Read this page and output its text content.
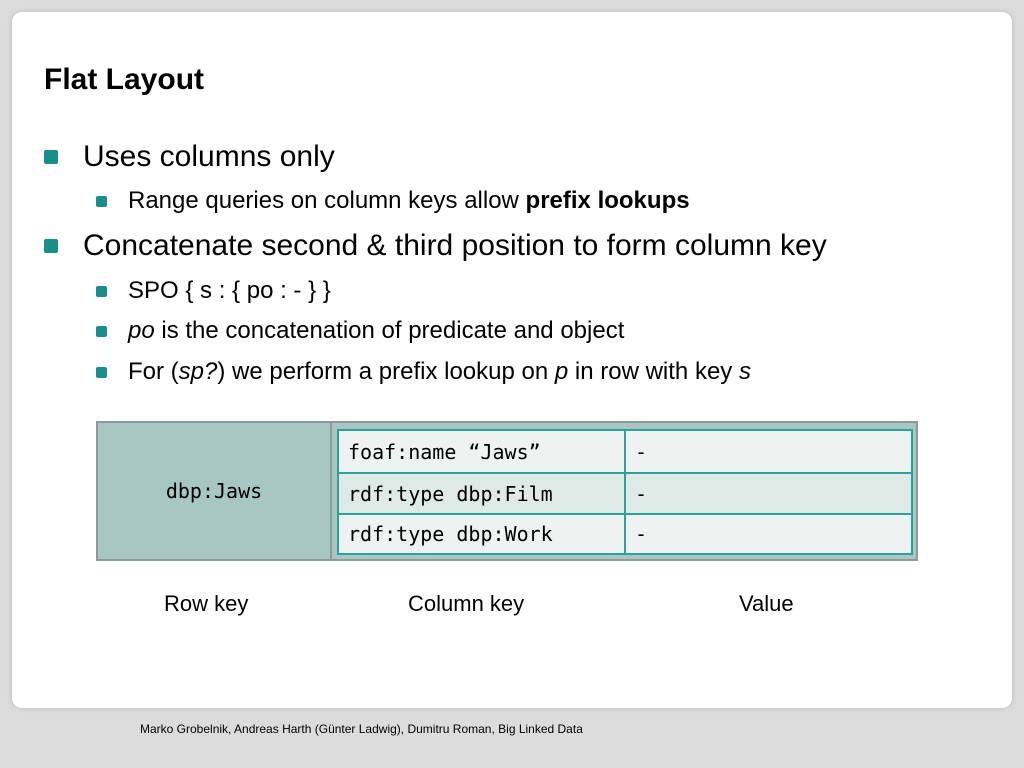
Flat Layout
Uses columns only
Range queries on column keys allow prefix lookups
Concatenate second & third position to form column key
SPO { s : { po : - } }
po is the concatenation of predicate and object
For (sp?) we perform a prefix lookup on p in row with key s
dbp:Jaws
foaf:name “Jaws”	-
rdf:type dbp:Film	-
rdf:type dbp:Work	-
Row key	Column key	Value
Marko Grobelnik, Andreas Harth (Günter Ladwig), Dumitru Roman, Big Linked Data
